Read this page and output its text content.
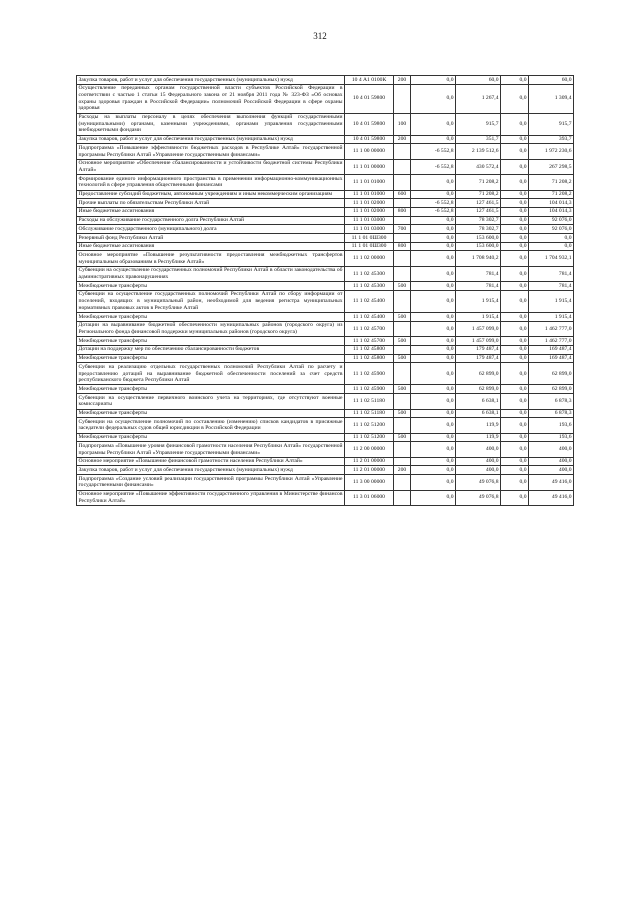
312
Закупка товаров, работ и услуг для обеспечения государственных (муниципальных) нужд	10 4 А1 0100К	200	0,0	60,0	0,0	60,0
Осуществление переданных органам государственной власти субъектов Российской Федерации в соответствии с частью 1 статьи 15 Федерального закона от 21 ноября 2011 года № 323-ФЗ «Об основах охраны здоровья граждан в Российской Федерации» полномочий Российской Федерации в сфере охраны здоровья	10 4 01 59800		0,0	1 267,4	0,0	1 309,4
Расходы на выплаты персоналу в целях обеспечения выполнения функций государственными (муниципальными) органами, казенными учреждениями, органами управления государственными внебюджетными фондами	10 4 01 59800	100	0,0	915,7	0,0	915,7
Закупка товаров, работ и услуг для обеспечения государственных (муниципальных) нужд	10 4 01 59800	200	0,0	351,7	0,0	393,7
Подпрограмма «Повышение эффективности бюджетных расходов в Республике Алтай» государственной программы Республики Алтай «Управление государственными финансами»	11 1 00 00000		-6 552,8	2 139 512,6	0,0	1 972 230,6
Основное мероприятие «Обеспечение сбалансированности и устойчивости бюджетной системы Республики Алтай»	11 1 01 00000		-6 552,8	430 572,4	0,0	267 298,5
Формирование единого информационного пространства в применении информационно-коммуникационных технологий в сфере управления общественными финансами	11 1 01 01000		0,0	71 208,2	0,0	71 208,2
Предоставление субсидий бюджетным, автономным учреждениям и иным некоммерческим организациям	11 1 01 01000	600	0,0	71 208,2	0,0	71 208,2
Прочие выплаты по обязательствам Республики Алтай	11 1 01 02000		-6 552,8	127 461,5	0,0	104 014,3
Иные бюджетные ассигнования	11 1 01 02000	800	-6 552,8	127 461,5	0,0	104 014,3
Расходы на обслуживание государственного долга Республики Алтай	11 1 01 03000		0,0	78 302,7	0,0	92 076,0
Обслуживание государственного (муниципального) долга	11 1 01 03000	700	0,0	78 302,7	0,0	92 076,0
Резервный фонд Республики Алтай	11 1 01 0Ш300		0,0	153 600,0	0,0	0,0
Иные бюджетные ассигнования	11 1 01 0Ш300	800	0,0	153 600,0	0,0	0,0
Основное мероприятие «Повышение результативности предоставления межбюджетных трансфертов муниципальным образованиям в Республике Алтай»	11 1 02 00000		0,0	1 708 940,2	0,0	1 704 932,1
Субвенции на осуществление государственных полномочий Республики Алтай в области законодательства об административных правонарушениях	11 1 02 45300		0,0	781,4	0,0	781,4
Межбюджетные трансферты	11 1 02 45300	500	0,0	781,4	0,0	781,4
Субвенции на осуществление государственных полномочий Республики Алтай по сбору информации от поселений, входящих в муниципальный район, необходимой для ведения регистра муниципальных нормативных правовых актов в Республике Алтай	11 1 02 45400		0,0	1 915,4	0,0	1 915,4
Межбюджетные трансферты	11 1 02 45400	500	0,0	1 915,4	0,0	1 915,4
Дотации на выравнивание бюджетной обеспеченности муниципальных районов (городского округа) из Регионального фонда финансовой поддержки муниципальных районов (городского округа)	11 1 02 45700		0,0	1 457 099,0	0,0	1 462 777,0
Межбюджетные трансферты	11 1 02 45700	500	0,0	1 457 099,0	0,0	1 462 777,0
Дотации на поддержку мер по обеспечению сбалансированности бюджетов	11 1 02 45800		0,0	179 487,4	0,0	169 487,4
Межбюджетные трансферты	11 1 02 45800	500	0,0	179 487,4	0,0	169 487,4
Субвенции на реализацию отдельных государственных полномочий Республики Алтай по расчету и предоставлению дотаций на выравнивание бюджетной обеспеченности поселений за счет средств республиканского бюджета Республики Алтай	11 1 02 45900		0,0	62 899,0	0,0	62 899,0
Межбюджетные трансферты	11 1 02 45900	500	0,0	62 899,0	0,0	62 899,0
Субвенции на осуществление первичного воинского учета на территориях, где отсутствуют военные комиссариаты	11 1 02 51180		0,0	6 638,1	0,0	6 878,3
Межбюджетные трансферты	11 1 02 51180	500	0,0	6 638,1	0,0	6 878,3
Субвенции на осуществление полномочий по составлению (изменению) списков кандидатов в присяжные заседатели федеральных судов общей юрисдикции в Российской Федерации	11 1 02 51200		0,0	119,9	0,0	193,6
Межбюджетные трансферты	11 1 02 51200	500	0,0	119,9	0,0	193,6
Подпрограмма «Повышение уровня финансовой грамотности населения Республики Алтай» государственной программы Республики Алтай «Управление государственными финансами»	11 2 00 00000		0,0	400,0	0,0	400,0
Основное мероприятие «Повышение финансовой грамотности населения Республики Алтай»	11 2 01 00000		0,0	400,0	0,0	400,0
Закупка товаров, работ и услуг для обеспечения государственных (муниципальных) нужд	11 2 01 00000	200	0,0	400,0	0,0	400,0
Подпрограмма «Создание условий реализации государственной программы Республики Алтай «Управление государственными финансами»	11 3 00 00000		0,0	49 076,8	0,0	49 416,0
Основное мероприятие «Повышение эффективности государственного управления в Министерстве финансов Республики Алтай»	11 3 01 06000		0,0	49 076,8	0,0	49 416,0
